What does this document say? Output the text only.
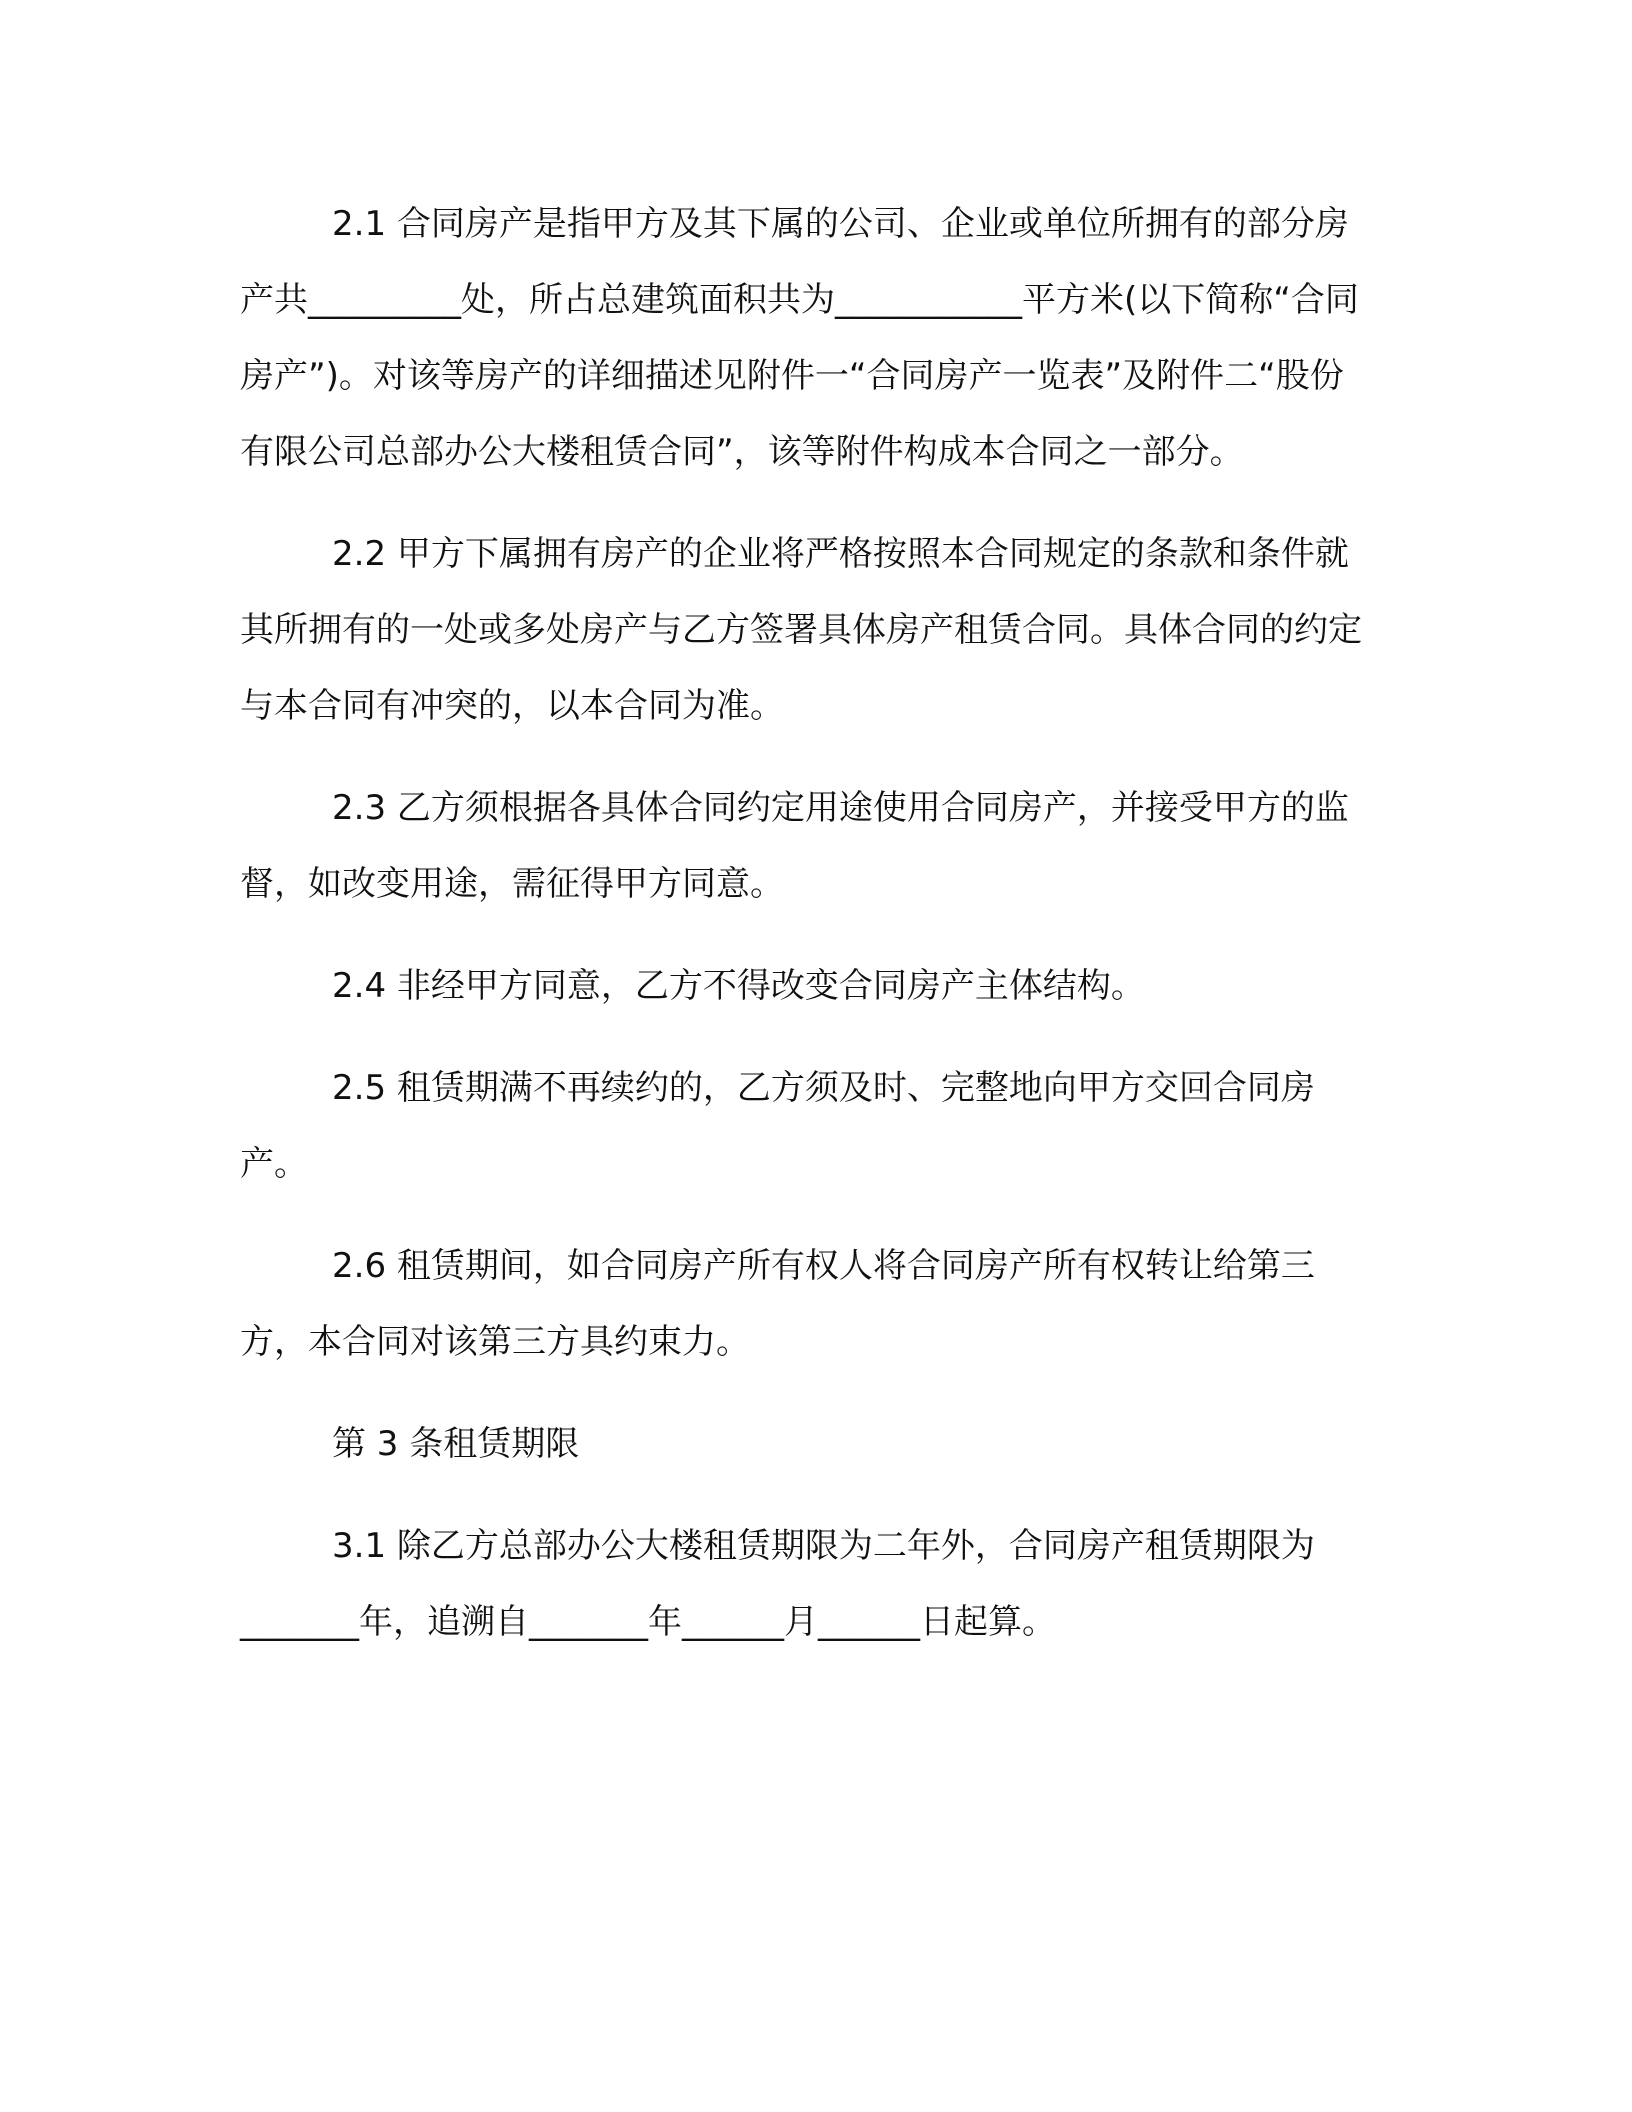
2.1 合同房产是指甲方及其下属的公司、企业或单位所拥有的部分房产共_________处，所占总建筑面积共为___________平方米(以下简称“合同房产”)。对该等房产的详细描述见附件一“合同房产一览表”及附件二“股份有限公司总部办公大楼租赁合同”，该等附件构成本合同之一部分。

2.2 甲方下属拥有房产的企业将严格按照本合同规定的条款和条件就其所拥有的一处或多处房产与乙方签署具体房产租赁合同。具体合同的约定与本合同有冲突的，以本合同为准。

2.3 乙方须根据各具体合同约定用途使用合同房产，并接受甲方的监督，如改变用途，需征得甲方同意。

2.4 非经甲方同意，乙方不得改变合同房产主体结构。

2.5 租赁期满不再续约的，乙方须及时、完整地向甲方交回合同房产。

2.6 租赁期间，如合同房产所有权人将合同房产所有权转让给第三方，本合同对该第三方具约束力。

第 3 条租赁期限

3.1 除乙方总部办公大楼租赁期限为二年外，合同房产租赁期限为_______年，追溯自_______年______月______日起算。
